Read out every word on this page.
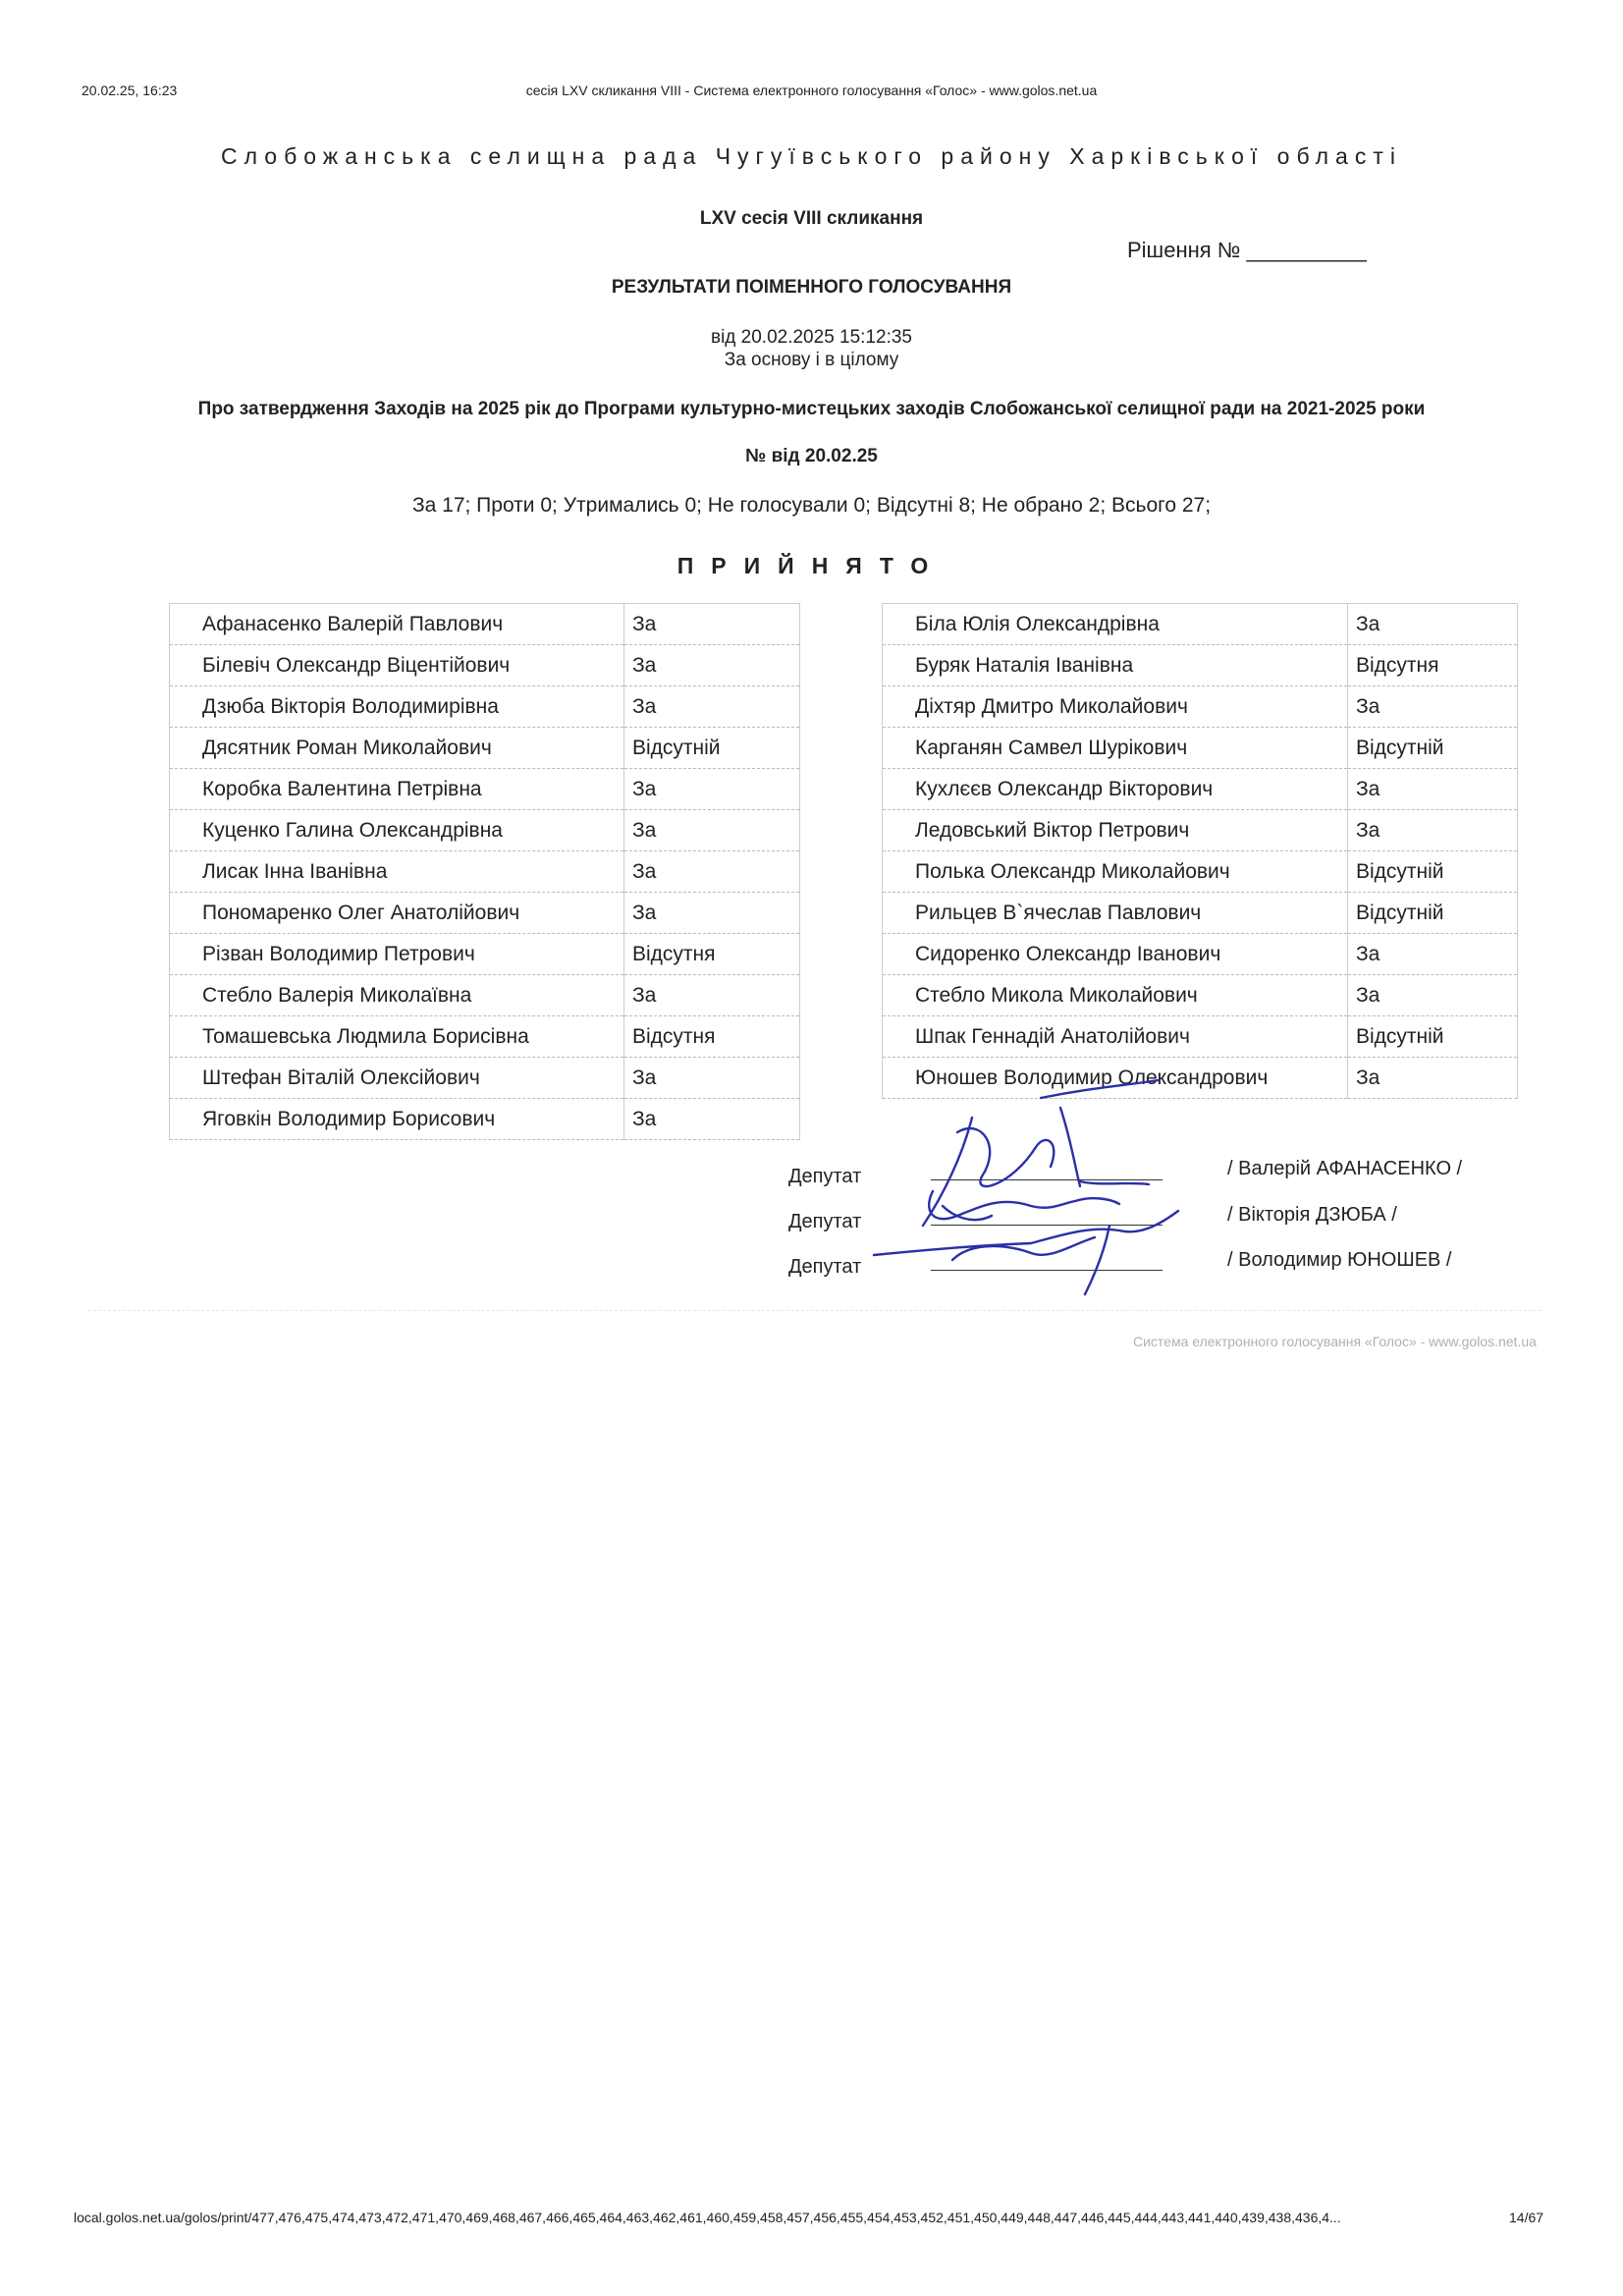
20.02.25, 16:23	сесія LXV скликання VIII - Система електронного голосування «Голос» - www.golos.net.ua
Слобожанська селищна рада Чугуївського району Харківської області
LXV сесія VIII скликання
Рішення № __________
РЕЗУЛЬТАТИ ПОІМЕННОГО ГОЛОСУВАННЯ
від 20.02.2025 15:12:35
За основу і в цілому
Про затвердження Заходів на 2025 рік до Програми культурно-мистецьких заходів Слобожанської селищної ради на 2021-2025 роки
№ від 20.02.25
За 17; Проти 0; Утримались 0; Не голосували 0; Відсутні 8; Не обрано 2; Всього 27;
ПРИЙНЯТО
Афанасенко Валерій Павлович	За
Білевіч Олександр Віцентійович	За
Дзюба Вікторія Володимирівна	За
Дясятник Роман Миколайович	Відсутній
Коробка Валентина Петрівна	За
Куценко Галина Олександрівна	За
Лисак Інна Іванівна	За
Пономаренко Олег Анатолійович	За
Різван Володимир Петрович	Відсутня
Стебло Валерія Миколаївна	За
Томашевська Людмила Борисівна	Відсутня
Штефан Віталій Олексійович	За
Яговкін Володимир Борисович	За
Біла Юлія Олександрівна	За
Буряк Наталія Іванівна	Відсутня
Діхтяр Дмитро Миколайович	За
Карганян Самвел Шурікович	Відсутній
Кухлєєв Олександр Вікторович	За
Ледовський Віктор Петрович	За
Полька Олександр Миколайович	Відсутній
Рильцев В`ячеслав Павлович	Відсутній
Сидоренко Олександр Іванович	За
Стебло Микола Миколайович	За
Шпак Геннадій Анатолійович	Відсутній
Юношев Володимир Олександрович	За
Депутат	/ Валерій АФАНАСЕНКО /
Депутат	/ Вікторія ДЗЮБА /
Депутат	/ Володимир ЮНОШЕВ /
Система електронного голосування «Голос» - www.golos.net.ua
local.golos.net.ua/golos/print/477,476,475,474,473,472,471,470,469,468,467,466,465,464,463,462,461,460,459,458,457,456,455,454,453,452,451,450,449,448,447,446,445,444,443,441,440,439,438,436,4...	14/67
